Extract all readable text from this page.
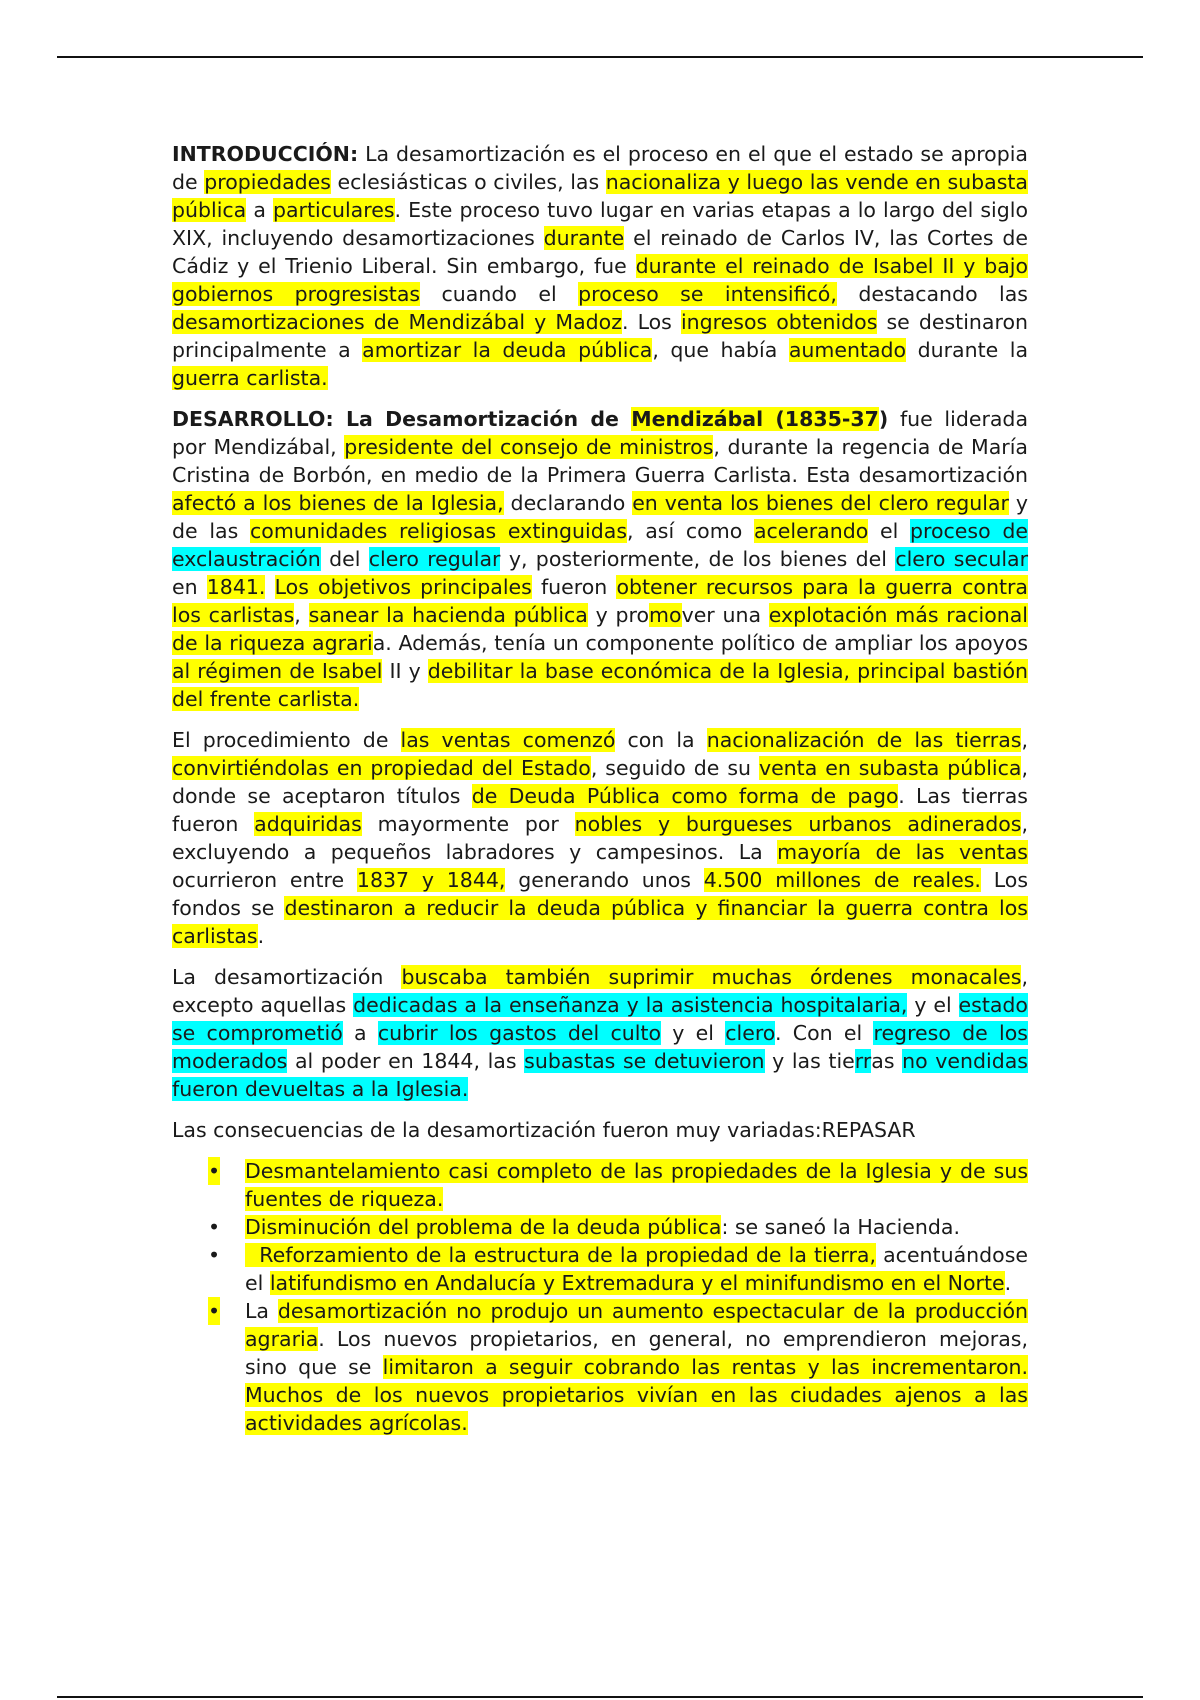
INTRODUCCIÓN: La desamortización es el proceso en el que el estado se apropia de propiedades eclesiásticas o civiles, las nacionaliza y luego las vende en subasta pública a particulares. Este proceso tuvo lugar en varias etapas a lo largo del siglo XIX, incluyendo desamortizaciones durante el reinado de Carlos IV, las Cortes de Cádiz y el Trienio Liberal. Sin embargo, fue durante el reinado de Isabel II y bajo gobiernos progresistas cuando el proceso se intensificó, destacando las desamortizaciones de Mendizábal y Madoz. Los ingresos obtenidos se destinaron principalmente a amortizar la deuda pública, que había aumentado durante la guerra carlista.

DESARROLLO: La Desamortización de Mendizábal (1835-37) fue liderada por Mendizábal, presidente del consejo de ministros, durante la regencia de María Cristina de Borbón, en medio de la Primera Guerra Carlista. Esta desamortización afectó a los bienes de la Iglesia, declarando en venta los bienes del clero regular y de las comunidades religiosas extinguidas, así como acelerando el proceso de exclaustración del clero regular y, posteriormente, de los bienes del clero secular en 1841. Los objetivos principales fueron obtener recursos para la guerra contra los carlistas, sanear la hacienda pública y promover una explotación más racional de la riqueza agraria. Además, tenía un componente político de ampliar los apoyos al régimen de Isabel II y debilitar la base económica de la Iglesia, principal bastión del frente carlista.

El procedimiento de las ventas comenzó con la nacionalización de las tierras, convirtiéndolas en propiedad del Estado, seguido de su venta en subasta pública, donde se aceptaron títulos de Deuda Pública como forma de pago. Las tierras fueron adquiridas mayormente por nobles y burgueses urbanos adinerados, excluyendo a pequeños labradores y campesinos. La mayoría de las ventas ocurrieron entre 1837 y 1844, generando unos 4.500 millones de reales. Los fondos se destinaron a reducir la deuda pública y financiar la guerra contra los carlistas.

La desamortización buscaba también suprimir muchas órdenes monacales, excepto aquellas dedicadas a la enseñanza y la asistencia hospitalaria, y el estado se comprometió a cubrir los gastos del culto y el clero. Con el regreso de los moderados al poder en 1844, las subastas se detuvieron y las tierras no vendidas fueron devueltas a la Iglesia.

Las consecuencias de la desamortización fueron muy variadas:REPASAR

• Desmantelamiento casi completo de las propiedades de la Iglesia y de sus fuentes de riqueza.
• Disminución del problema de la deuda pública: se saneó la Hacienda.
•   Reforzamiento de la estructura de la propiedad de la tierra, acentuándose el latifundismo en Andalucía y Extremadura y el minifundismo en el Norte.
• La desamortización no produjo un aumento espectacular de la producción agraria. Los nuevos propietarios, en general, no emprendieron mejoras, sino que se limitaron a seguir cobrando las rentas y las incrementaron. Muchos de los nuevos propietarios vivían en las ciudades ajenos a las actividades agrícolas.
